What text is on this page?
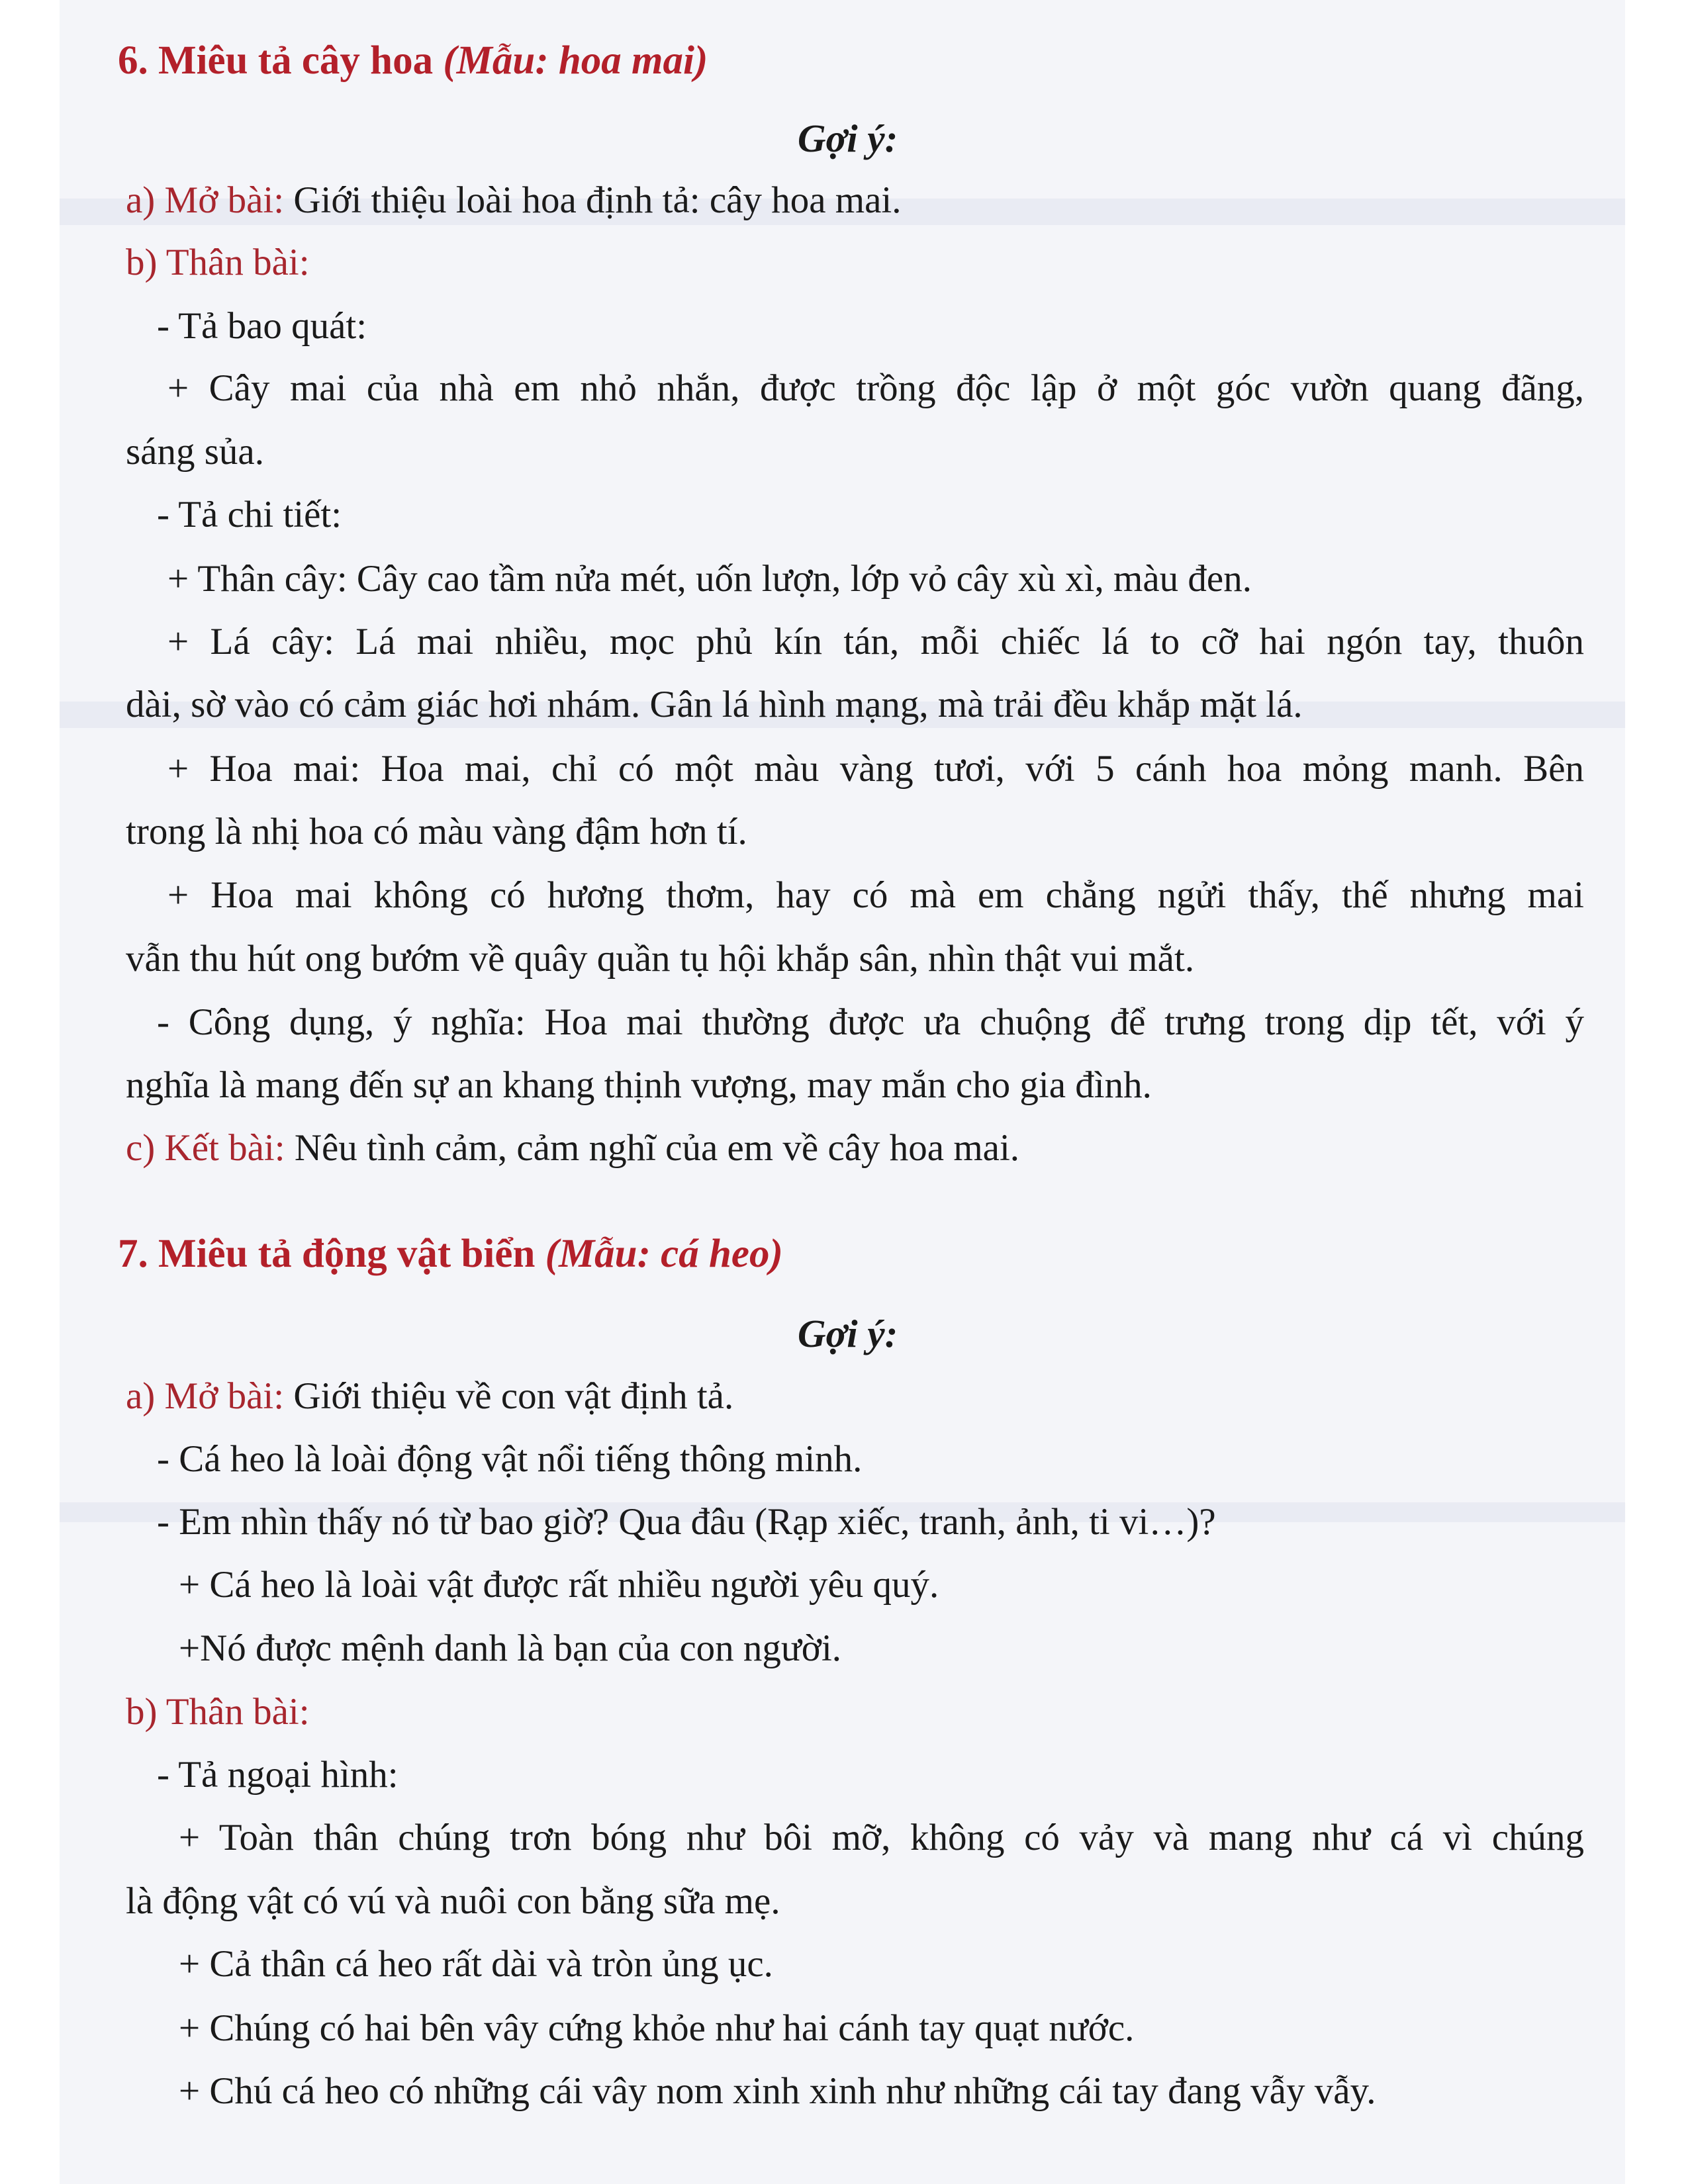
6. Miêu tả cây hoa (Mẫu: hoa mai)
Gợi ý:
a) Mở bài: Giới thiệu loài hoa định tả: cây hoa mai.
b) Thân bài:
- Tả bao quát:
+ Cây mai của nhà em nhỏ nhắn, được trồng độc lập ở một góc vườn quang đãng,
sáng sủa.
- Tả chi tiết:
+ Thân cây: Cây cao tầm nửa mét, uốn lượn, lớp vỏ cây xù xì, màu đen.
+ Lá cây: Lá mai nhiều, mọc phủ kín tán, mỗi chiếc lá to cỡ hai ngón tay, thuôn
dài, sờ vào có cảm giác hơi nhám. Gân lá hình mạng, mà trải đều khắp mặt lá.
+ Hoa mai: Hoa mai, chỉ có một màu vàng tươi, với 5 cánh hoa mỏng manh. Bên
trong là nhị hoa có màu vàng đậm hơn tí.
+ Hoa mai không có hương thơm, hay có mà em chẳng ngửi thấy, thế nhưng mai
vẫn thu hút ong bướm về quây quần tụ hội khắp sân, nhìn thật vui mắt.
- Công dụng, ý nghĩa: Hoa mai thường được ưa chuộng để trưng trong dịp tết, với ý
nghĩa là mang đến sự an khang thịnh vượng, may mắn cho gia đình.
c) Kết bài: Nêu tình cảm, cảm nghĩ của em về cây hoa mai.
7. Miêu tả động vật biển (Mẫu: cá heo)
Gợi ý:
a) Mở bài: Giới thiệu về con vật định tả.
- Cá heo là loài động vật nổi tiếng thông minh.
- Em nhìn thấy nó từ bao giờ? Qua đâu (Rạp xiếc, tranh, ảnh, ti vi…)?
+ Cá heo là loài vật được rất nhiều người yêu quý.
+Nó được mệnh danh là bạn của con người.
b) Thân bài:
- Tả ngoại hình:
+ Toàn thân chúng trơn bóng như bôi mỡ, không có vảy và mang như cá vì chúng
là động vật có vú và nuôi con bằng sữa mẹ.
+ Cả thân cá heo rất dài và tròn ủng ục.
+ Chúng có hai bên vây cứng khỏe như hai cánh tay quạt nước.
+ Chú cá heo có những cái vây nom xinh xinh như những cái tay đang vẫy vẫy.
